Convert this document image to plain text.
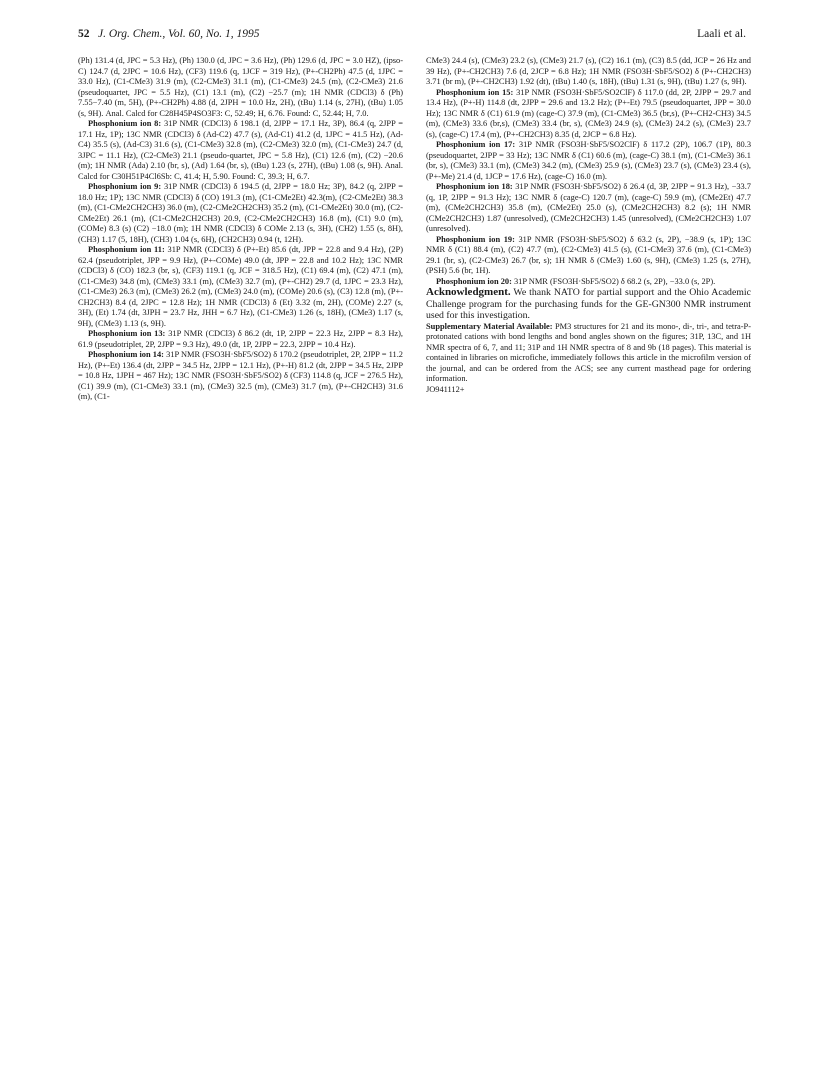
52 J. Org. Chem., Vol. 60, No. 1, 1995	Laali et al.

(Ph) 131.4 (d, JPC = 5.3 Hz), (Ph) 130.0 (d, JPC = 3.6 Hz), (Ph) 129.6 (d, JPC = 3.0 HZ), (ipso-C) 124.7 (d, 2JPC = 10.6 Hz), (CF3) 119.6 (q, 1JCF = 319 Hz), (P+-CH2Ph) 47.5 (d, 1JPC = 33.0 Hz), (C1-CMe3) 31.9 (m), (C2-CMe3) 31.1 (m), (C1-CMe3) 24.5 (m), (C2-CMe3) 21.6 (pseudoquartet, JPC = 5.5 Hz), (C1) 13.1 (m), (C2) −25.7 (m); 1H NMR (CDCl3) δ (Ph) 7.55−7.40 (m, 5H), (P+-CH2Ph) 4.88 (d, 2JPH = 10.0 Hz, 2H), (tBu) 1.14 (s, 27H), (tBu) 1.05 (s, 9H). Anal. Calcd for C28H45P4SO3F3: C, 52.49; H, 6.76. Found: C, 52.44; H, 7.0.

Phosphonium ion 8: 31P NMR (CDCl3) δ 198.1 (d, 2JPP = 17.1 Hz, 3P), 86.4 (q, 2JPP = 17.1 Hz, 1P); 13C NMR (CDCl3) δ (Ad-C2) 47.7 (s), (Ad-C1) 41.2 (d, 1JPC = 41.5 Hz), (Ad-C4) 35.5 (s), (Ad-C3) 31.6 (s), (C1-CMe3) 32.8 (m), (C2-CMe3) 32.0 (m), (C1-CMe3) 24.7 (d, 3JPC = 11.1 Hz), (C2-CMe3) 21.1 (pseudo-quartet, JPC = 5.8 Hz), (C1) 12.6 (m), (C2) −20.6 (m); 1H NMR (Ada) 2.10 (br, s), (Ad) 1.64 (br, s), (tBu) 1.23 (s, 27H), (tBu) 1.08 (s, 9H). Anal. Calcd for C30H51P4Cl6Sb: C, 41.4; H, 5.90. Found: C, 39.3; H, 6.7.

Phosphonium ion 9: 31P NMR (CDCl3) δ 194.5 (d, 2JPP = 18.0 Hz; 3P), 84.2 (q, 2JPP = 18.0 Hz; 1P); 13C NMR (CDCl3) δ (CO) 191.3 (m), (C1-CMe2Et) 42.3(m), (C2-CMe2Et) 38.3 (m), (C1-CMe2CH2CH3) 36.0 (m), (C2-CMe2CH2CH3) 35.2 (m), (C1-CMe2Et) 30.0 (m), (C2-CMe2Et) 26.1 (m), (C1-CMe2CH2CH3) 20.9, (C2-CMe2CH2CH3) 16.8 (m), (C1) 9.0 (m), (COMe) 8.3 (s) (C2) −18.0 (m); 1H NMR (CDCl3) δ COMe 2.13 (s, 3H), (CH2) 1.55 (s, 8H), (CH3) 1.17 (5, 18H), (CH3) 1.04 (s, 6H), (CH2CH3) 0.94 (t, 12H).

Phosphonium ion 11: 31P NMR (CDCl3) δ (P+-Et) 85.6 (dt, JPP = 22.8 and 9.4 Hz), (2P) 62.4 (pseudotriplet, JPP = 9.9 Hz), (P+-COMe) 49.0 (dt, JPP = 22.8 and 10.2 Hz); 13C NMR (CDCl3) δ (CO) 182.3 (br, s), (CF3) 119.1 (q, JCF = 318.5 Hz), (C1) 69.4 (m), (C2) 47.1 (m), (C1-CMe3) 34.8 (m), (CMe3) 33.1 (m), (CMe3) 32.7 (m), (P+-CH2) 29.7 (d, 1JPC = 23.3 Hz), (C1-CMe3) 26.3 (m), (CMe3) 26.2 (m), (CMe3) 24.0 (m), (COMe) 20.6 (s), (C3) 12.8 (m), (P+-CH2CH3) 8.4 (d, 2JPC = 12.8 Hz); 1H NMR (CDCl3) δ (Et) 3.32 (m, 2H), (COMe) 2.27 (s, 3H), (Et) 1.74 (dt, 3JPH = 23.7 Hz, JHH = 6.7 Hz), (C1-CMe3) 1.26 (s, 18H), (CMe3) 1.17 (s, 9H), (CMe3) 1.13 (s, 9H).

Phosphonium ion 13: 31P NMR (CDCl3) δ 86.2 (dt, 1P, 2JPP = 22.3 Hz, 2JPP = 8.3 Hz), 61.9 (pseudotriplet, 2P, 2JPP = 9.3 Hz), 49.0 (dt, 1P, 2JPP = 22.3, 2JPP = 10.4 Hz).

Phosphonium ion 14: 31P NMR (FSO3H·SbF5/SO2) δ 170.2 (pseudotriplet, 2P, 2JPP = 11.2 Hz), (P+-Et) 136.4 (dt, 2JPP = 34.5 Hz, 2JPP = 12.1 Hz), (P+-H) 81.2 (dt, 2JPP = 34.5 Hz, 2JPP = 10.8 Hz, 1JPH = 467 Hz); 13C NMR (FSO3H·SbF5/SO2) δ (CF3) 114.8 (q, JCF = 276.5 Hz), (C1) 39.9 (m), (C1-CMe3) 33.1 (m), (CMe3) 32.5 (m), (CMe3) 31.7 (m), (P+-CH2CH3) 31.6 (m), (C1-

CMe3) 24.4 (s), (CMe3) 23.2 (s), (CMe3) 21.7 (s), (C2) 16.1 (m), (C3) 8.5 (dd, JCP = 26 Hz and 39 Hz), (P+-CH2CH3) 7.6 (d, 2JCP = 6.8 Hz); 1H NMR (FSO3H·SbF5/SO2) δ (P+-CH2CH3) 3.71 (br m), (P+-CH2CH3) 1.92 (dt), (tBu) 1.40 (s, 18H), (tBu) 1.31 (s, 9H), (tBu) 1.27 (s, 9H).

Phosphonium ion 15: 31P NMR (FSO3H·SbF5/SO2ClF) δ 117.0 (dd, 2P, 2JPP = 29.7 and 13.4 Hz), (P+-H) 114.8 (dt, 2JPP = 29.6 and 13.2 Hz); (P+-Et) 79.5 (pseudoquartet, JPP = 30.0 Hz); 13C NMR δ (C1) 61.9 (m) (cage-C) 37.9 (m), (C1-CMe3) 36.5 (br,s), (P+-CH2-CH3) 34.5 (m), (CMe3) 33.6 (br,s), (CMe3) 33.4 (br, s), (CMe3) 24.9 (s), (CMe3) 24.2 (s), (CMe3) 23.7 (s), (cage-C) 17.4 (m), (P+-CH2CH3) 8.35 (d, 2JCP = 6.8 Hz).

Phosphonium ion 17: 31P NMR (FSO3H·SbF5/SO2ClF) δ 117.2 (2P), 106.7 (1P), 80.3 (pseudoquartet, 2JPP = 33 Hz); 13C NMR δ (C1) 60.6 (m), (cage-C) 38.1 (m), (C1-CMe3) 36.1 (br, s), (CMe3) 33.1 (m), (CMe3) 34.2 (m), (CMe3) 25.9 (s), (CMe3) 23.7 (s), (CMe3) 23.4 (s), (P+-Me) 21.4 (d, 1JCP = 17.6 Hz), (cage-C) 16.0 (m).

Phosphonium ion 18: 31P NMR (FSO3H·SbF5/SO2) δ 26.4 (d, 3P, 2JPP = 91.3 Hz), −33.7 (q, 1P, 2JPP = 91.3 Hz); 13C NMR δ (cage-C) 120.7 (m), (cage-C) 59.9 (m), (CMe2Et) 47.7 (m), (CMe2CH2CH3) 35.8 (m), (CMe2Et) 25.0 (s), (CMe2CH2CH3) 8.2 (s); 1H NMR (CMe2CH2CH3) 1.87 (unresolved), (CMe2CH2CH3) 1.45 (unresolved), (CMe2CH2CH3) 1.07 (unresolved).

Phosphonium ion 19: 31P NMR (FSO3H·SbF5/SO2) δ 63.2 (s, 2P), −38.9 (s, 1P); 13C NMR δ (C1) 88.4 (m), (C2) 47.7 (m), (C2-CMe3) 41.5 (s), (C1-CMe3) 37.6 (m), (C1-CMe3) 29.1 (br, s), (C2-CMe3) 26.7 (br, s); 1H NMR δ (CMe3) 1.60 (s, 9H), (CMe3) 1.25 (s, 27H), (PSH) 5.6 (br, 1H).

Phosphonium ion 20: 31P NMR (FSO3H·SbF5/SO2) δ 68.2 (s, 2P), −33.0 (s, 2P).

Acknowledgment. We thank NATO for partial support and the Ohio Academic Challenge program for the purchasing funds for the GE-GN300 NMR instrument used for this investigation.

Supplementary Material Available: PM3 structures for 21 and its mono-, di-, tri-, and tetra-P-protonated cations with bond lengths and bond angles shown on the figures; 31P, 13C, and 1H NMR spectra of 6, 7, and 11; 31P and 1H NMR spectra of 8 and 9b (18 pages). This material is contained in libraries on microfiche, immediately follows this article in the microfilm version of the journal, and can be ordered from the ACS; see any current masthead page for ordering information.

JO941112+
